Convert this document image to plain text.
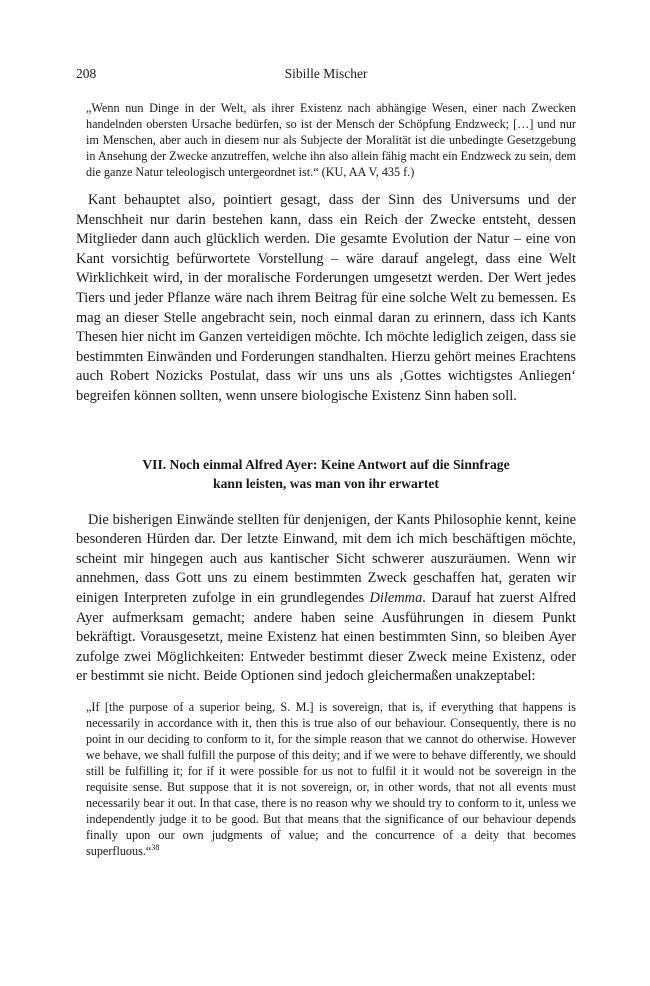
208	Sibille Mischer

„Wenn nun Dinge in der Welt, als ihrer Existenz nach abhängige Wesen, einer nach Zwecken handelnden obersten Ursache bedürfen, so ist der Mensch der Schöpfung Endzweck; […] und nur im Menschen, aber auch in diesem nur als Subjecte der Moralität ist die unbedingte Gesetzgebung in Ansehung der Zwecke anzutreffen, welche ihn also allein fähig macht ein Endzweck zu sein, dem die ganze Natur teleologisch untergeordnet ist.“ (KU, AA V, 435 f.)

Kant behauptet also, pointiert gesagt, dass der Sinn des Universums und der Menschheit nur darin bestehen kann, dass ein Reich der Zwecke entsteht, dessen Mitglieder dann auch glücklich werden. Die gesamte Evolution der Natur – eine von Kant vorsichtig befürwortete Vorstellung – wäre darauf angelegt, dass eine Welt Wirklichkeit wird, in der moralische Forderungen umgesetzt werden. Der Wert jedes Tiers und jeder Pflanze wäre nach ihrem Beitrag für eine solche Welt zu bemessen. Es mag an dieser Stelle angebracht sein, noch einmal daran zu erinnern, dass ich Kants Thesen hier nicht im Ganzen verteidigen möchte. Ich möchte lediglich zeigen, dass sie bestimmten Einwänden und Forderungen standhalten. Hierzu gehört meines Erachtens auch Robert Nozicks Postulat, dass wir uns uns als ‚Gottes wichtigstes Anliegen‘ begreifen können sollten, wenn unsere biologische Existenz Sinn haben soll.

VII. Noch einmal Alfred Ayer: Keine Antwort auf die Sinnfrage
kann leisten, was man von ihr erwartet

Die bisherigen Einwände stellten für denjenigen, der Kants Philosophie kennt, keine besonderen Hürden dar. Der letzte Einwand, mit dem ich mich beschäftigen möchte, scheint mir hingegen auch aus kantischer Sicht schwerer auszuräumen. Wenn wir annehmen, dass Gott uns zu einem bestimmten Zweck geschaffen hat, geraten wir einigen Interpreten zufolge in ein grundlegendes Dilemma. Darauf hat zuerst Alfred Ayer aufmerksam gemacht; andere haben seine Ausführungen in diesem Punkt bekräftigt. Vorausgesetzt, meine Existenz hat einen bestimmten Sinn, so bleiben Ayer zufolge zwei Möglichkeiten: Entweder bestimmt dieser Zweck meine Existenz, oder er bestimmt sie nicht. Beide Optionen sind jedoch gleichermaßen unakzeptabel:

„If [the purpose of a superior being, S. M.] is sovereign, that is, if everything that happens is necessarily in accordance with it, then this is true also of our behaviour. Consequently, there is no point in our deciding to conform to it, for the simple reason that we cannot do otherwise. However we behave, we shall fulfill the purpose of this deity; and if we were to behave differently, we should still be fulfilling it; for if it were possible for us not to fulfil it it would not be sovereign in the requisite sense. But suppose that it is not sovereign, or, in other words, that not all events must necessarily bear it out. In that case, there is no reason why we should try to conform to it, unless we independently judge it to be good. But that means that the significance of our behaviour depends finally upon our own judgments of value; and the concurrence of a deity that becomes superfluous.“$^{38}$
